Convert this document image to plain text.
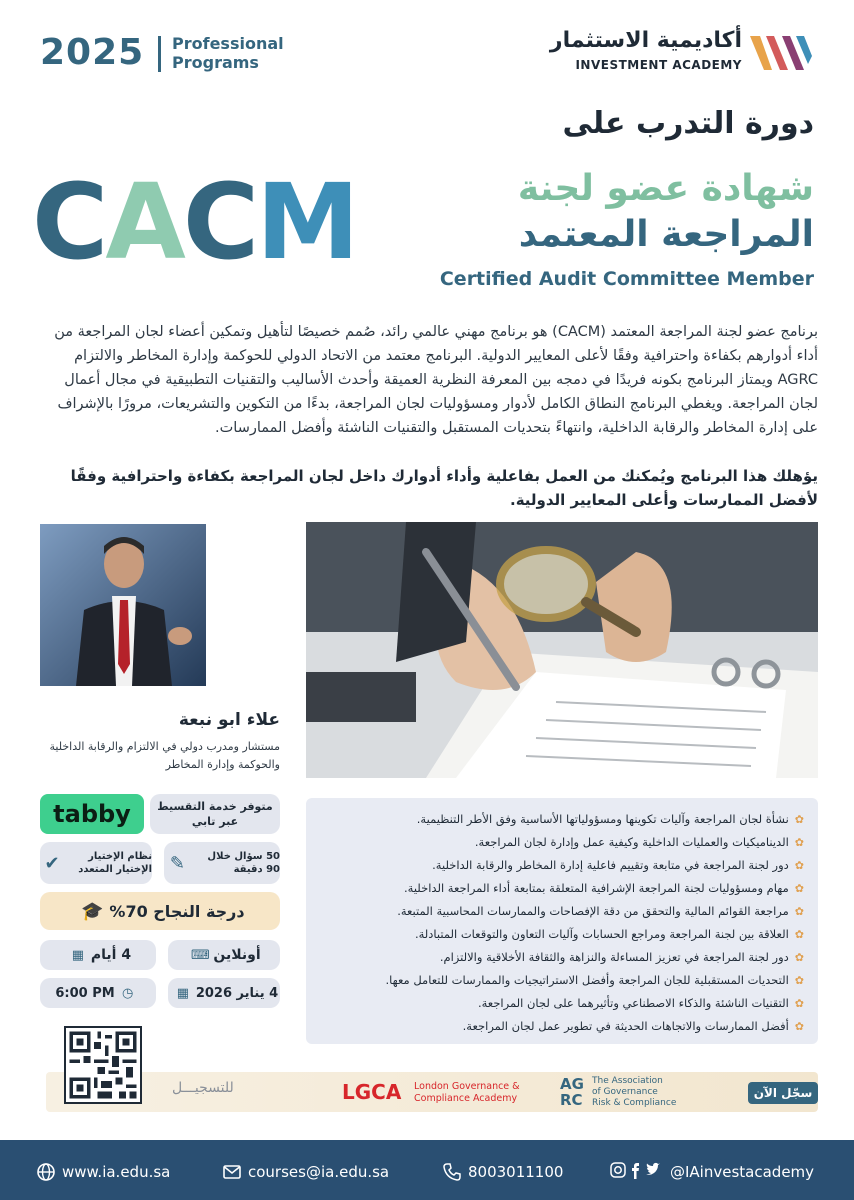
2025 Professional
Programs
أكاديمية الاستثمار
INVESTMENT ACADEMY
دورة التدرب على
CACM	شهادة عضو لجنة
المراجعة المعتمد
Certified Audit Committee Member
برنامج عضو لجنة المراجعة المعتمد (CACM) هو برنامج مهني عالمي رائد، صُمم خصيصًا لتأهيل وتمكين أعضاء لجان المراجعة من أداء أدوارهم بكفاءة واحترافية وفقًا لأعلى المعايير الدولية. البرنامج معتمد من الاتحاد الدولي للحوكمة وإدارة المخاطر والالتزام AGRC ويمتاز البرنامج بكونه فريدًا في دمجه بين المعرفة النظرية العميقة وأحدث الأساليب والتقنيات التطبيقية في مجال أعمال لجان المراجعة. ويغطي البرنامج النطاق الكامل لأدوار ومسؤوليات لجان المراجعة، بدءًا من التكوين والتشريعات، مرورًا بالإشراف على إدارة المخاطر والرقابة الداخلية، وانتهاءً بتحديات المستقبل والتقنيات الناشئة وأفضل الممارسات.
يؤهلك هذا البرنامج ويُمكنك من العمل بفاعلية وأداء أدوارك داخل لجان المراجعة بكفاءة واحترافية وفقًا لأفضل الممارسات وأعلى المعايير الدولية.
علاء ابو نبعة
مستشار ومدرب دولي في الالتزام والرقابة الداخلية والحوكمة وإدارة المخاطر
tabby	متوفر خدمة التقسيط عبر تابي
نظام الإختيار الإختيار المتعدد
✔	50 سؤال خلال 90 دقيقة
✎
درجة النجاح 70%
🎓
4 أيام
▦	أونلاين
⌨
6:00 PM ◷	4 يناير 2026
▦
✿نشأة لجان المراجعة وآليات تكوينها ومسؤولياتها الأساسية وفق الأطر التنظيمية.
✿الديناميكيات والعمليات الداخلية وكيفية عمل وإدارة لجان المراجعة.
✿دور لجنة المراجعة في متابعة وتقييم فاعلية إدارة المخاطر والرقابة الداخلية.
✿مهام ومسؤوليات لجنة المراجعة الإشرافية المتعلقة بمتابعة أداء المراجعة الداخلية.
✿مراجعة القوائم المالية والتحقق من دقة الإفصاحات والممارسات المحاسبية المتبعة.
✿العلاقة بين لجنة المراجعة ومراجع الحسابات وآليات التعاون والتوقعات المتبادلة.
✿دور لجنة المراجعة في تعزيز المساءلة والنزاهة والثقافة الأخلاقية والالتزام.
✿التحديات المستقبلية للجان المراجعة وأفضل الاستراتيجيات والممارسات للتعامل معها.
✿التقنيات الناشئة والذكاء الاصطناعي وتأثيرهما على لجان المراجعة.
✿أفضل الممارسات والاتجاهات الحديثة في تطوير عمل لجان المراجعة.
للتسجيـــل	LGCA London Governance &
Compliance Academy
AG
RC
The Association
of Governance
Risk & Compliance
سجّل الآن
www.ia.edu.sa	courses@ia.edu.sa	8003011100	@IAinvestacademy
